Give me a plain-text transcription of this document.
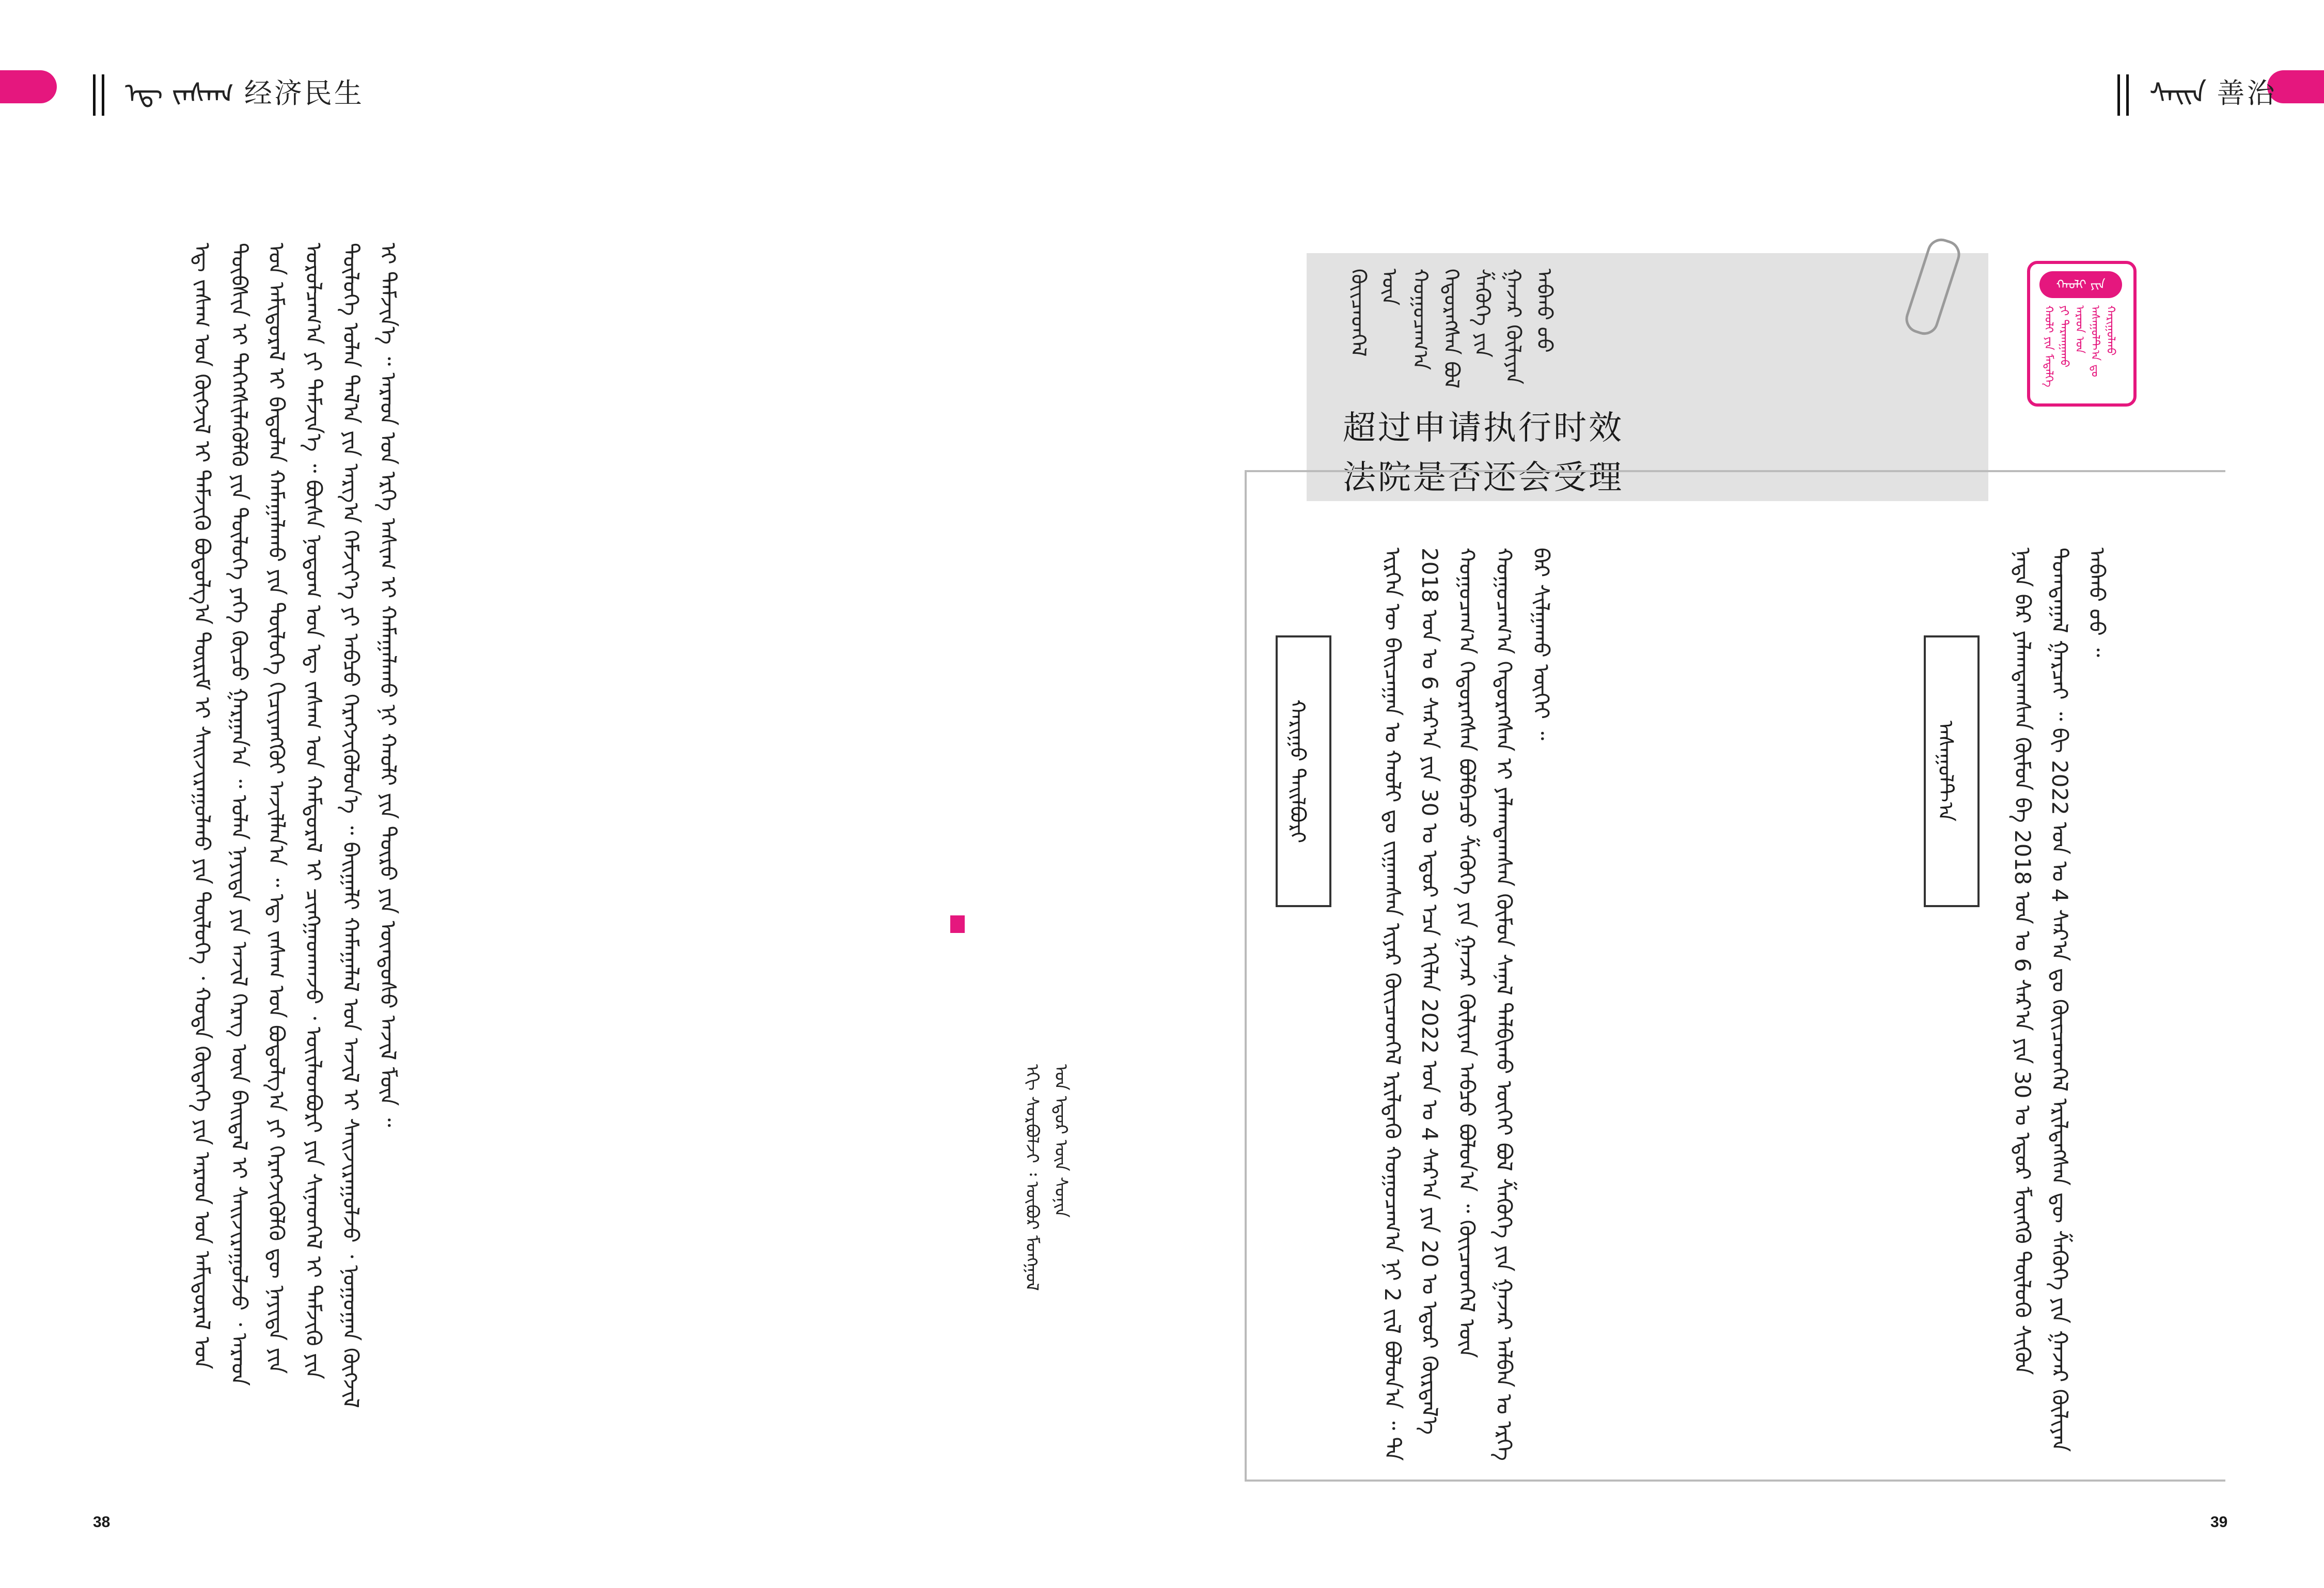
ᠡᠳ᠋ ᠵᠠᠰᠠᠭ 经济民生
ᠡᠳ᠋ ᠵᠠᠰᠠᠭ ᠤᠨ ᠬᠦᠭᠵᠢᠯ ᠢ ᠳᠡᠮᠵᠢᠬᠦ ᠪᠣᠳᠣᠯᠭ᠎ᠠ ᠳᠦᠷᠢᠮ ᠢ ᠰᠠᠢᠵᠢᠷᠠᠭᠤᠯᠬᠤ ᠶᠢᠨ ᠲᠦᠯᠦᠭᠡ ᠂ ᠬᠣᠲᠠ ᠬᠥᠳᠡᠭᠡ ᠶᠢᠨ ᠠᠷᠠᠳ ᠤᠨ ᠠᠮᠢᠳᠤᠷᠠᠯ ᠤᠨ ᠲᠦᠪᠰᠢᠨ ᠢ ᠳᠡᠭᠡᠭᠰᠢᠯᠡᠭᠦᠯᠬᠦ ᠶᠢᠨ ᠲᠥᠯᠦᠭᠡ ᠶᠡᠬᠡ ᠬᠦᠴᠦ ᠭᠠᠷᠭᠠᠨ᠎ᠠ ᠃ ᠣᠯᠠᠨ ᠨᠡᠶᠢᠲᠡ ᠶᠢᠨ ᠠᠵᠢᠯ ᠬᠡᠷᠡᠭ ᠦᠨ ᠪᠠᠢᠳᠠᠯ ᠢ ᠰᠠᠢᠵᠢᠷᠠᠭᠤᠯᠵᠤ ᠂ ᠠᠷᠠᠳ ᠤᠨ ᠠᠮᠢᠳᠤᠷᠠᠯ ᠢ ᠪᠠᠲᠤᠯᠠᠨ ᠬᠠᠮᠠᠭᠠᠯᠠᠬᠤ ᠶᠢᠨ ᠲᠥᠯᠦᠭᠡ ᠬᠢᠴᠢᠶᠡᠩᠭᠦᠢ ᠠᠵᠢᠯᠯᠠᠨ᠎ᠠ ᠃ ᠡᠳ᠋ ᠵᠠᠰᠠᠭ ᠤᠨ ᠪᠣᠳᠣᠯᠭ᠎ᠠ ᠶᠢ ᠬᠡᠷᠡᠭᠵᠢᠭᠦᠯᠬᠦ ᠳᠦ ᠨᠡᠶᠢᠲᠡ ᠶᠢᠨ ᠣᠷᠣᠯᠴᠠᠭ᠎ᠠ ᠶᠢ ᠳᠡᠮᠵᠢᠨ᠎ᠡ ᠃ ᠪᠦᠰᠡ ᠨᠤᠲᠤᠭ ᠤᠨ ᠡᠳ᠋ ᠵᠠᠰᠠᠭ ᠤᠨ ᠬᠠᠮᠲᠤᠷᠠᠯ ᠢ ᠴᠢᠩᠭᠠᠳᠬᠠᠵᠤ ᠂ ᠦᠢᠯᠡᠳᠪᠦᠷᠢ ᠶᠢᠨ ᠰᠢᠨᠡᠳᠭᠡᠯ ᠢ ᠳᠡᠮᠵᠢᠬᠦ ᠶᠢᠨ ᠲᠥᠯᠦᠭᠡ ᠣᠯᠠᠨ ᠲᠠᠯ᠎ᠠ ᠶᠢᠨ ᠠᠷᠭ᠎ᠠ ᠬᠡᠮᠵᠢᠶ᠎ᠡ ᠶᠢ ᠠᠪᠴᠤ ᠬᠡᠷᠡᠭᠵᠢᠭᠦᠯᠦᠨ᠎ᠡ ᠃ ᠪᠠᠢᠭᠠᠯᠢ ᠬᠠᠮᠠᠭᠠᠯᠠᠯ ᠤᠨ ᠠᠵᠢᠯ ᠢ ᠰᠠᠢᠵᠢᠷᠠᠭᠤᠯᠵᠤ ᠂ ᠨᠤᠭᠤᠭᠠᠨ ᠬᠥᠭᠵᠢᠯ ᠢ ᠳᠡᠮᠵᠢᠨ᠎ᠡ ᠃ ᠠᠷᠠᠳ ᠤᠨ ᠡᠷᠬᠡ ᠠᠰᠢᠭ ᠢ ᠬᠠᠮᠠᠭᠠᠯᠠᠬᠤ ᠨᠢ ᠬᠠᠤᠯᠢ ᠶᠢᠨ ᠲᠥᠷᠥ ᠶᠢᠨ ᠦᠨᠳᠦᠰᠦ ᠠᠵᠢᠯ ᠮᠥᠨ ᠃
ᠡᠬᠢ ᠰᠤᠷᠪᠤᠯᠵᠢ ᠄ ᠥᠪᠦᠷ ᠮᠣᠩᠭᠣᠯ ᠤᠨ ᠡᠳᠦᠷ ᠦᠨ ᠰᠣᠨᠢᠨ
38
ᠰᠠᠢᠨ 善治
ᠬᠠᠤᠯᠢ ᠶᠢᠨ ᠠᠰᠠᠭᠤᠯᠲ᠎ᠠ
ᠬᠠᠤᠯᠢ ᠶᠢᠨ ᠮᠡᠳᠡᠯᠭᠡ ᠶᠢ ᠲᠠᠷᠬᠠᠭᠠᠬᠤ ᠠᠷᠠᠳ ᠤᠨ ᠠᠰᠠᠭᠤᠯᠲ᠎ᠠ ᠳᠤ ᠬᠠᠷᠢᠭᠤᠯᠬᠤ
ᠭᠦᠢᠴᠡᠳᠬᠡᠯ ᠦᠨ ᠬᠤᠭᠤᠴᠠᠭ᠎ᠠ ᠬᠡᠲᠦᠷᠡᠭᠰᠡᠨ ᠪᠣᠯ ᠱᠡᠭᠦᠬᠡ ᠶᠢᠨ ᠭᠠᠵᠠᠷ ᠬᠦᠯᠢᠶᠡᠨ ᠠᠪᠬᠤ ᠤᠤ
超过申请执行时效
法院是否还会受理
ᠬᠠᠷᠢᠭᠤ ᠲᠠᠢᠯᠪᠤᠷᠢ	ᠠᠰᠠᠭᠤᠯᠲ᠎ᠠ
ᠢᠷᠭᠡᠨ ᠦ ᠪᠠᠢᠴᠠᠭᠠᠨ ᠤ ᠬᠠᠤᠯᠢ ᠳᠤ ᠵᠢᠭᠠᠭᠰᠠᠨ ᠢᠶᠡᠷ ᠭᠦᠢᠴᠡᠳᠬᠡᠯ ᠡᠷᠢᠯᠳᠡᠬᠦ ᠬᠤᠭᠤᠴᠠᠭ᠎ᠠ ᠨᠢ 2 ᠵᠢᠯ ᠪᠣᠯᠤᠨ᠎ᠠ ᠃ ᠲᠠ 2018 ᠣᠨ ᠤ 6 ᠰᠠᠷ᠎ᠠ ᠶᠢᠨ 30 ᠤ ᠡᠳᠦᠷ ᠡᠴᠡ ᠡᠬᠢᠯᠡᠨ 2022 ᠣᠨ ᠤ 4 ᠰᠠᠷ᠎ᠠ ᠶᠢᠨ 20 ᠤ ᠡᠳᠦᠷ ᠬᠦᠷᠲᠡᠯ᠎ᠡ ᠬᠤᠭᠤᠴᠠᠭ᠎ᠠ ᠬᠡᠲᠦᠷᠡᠭᠰᠡᠨ ᠪᠣᠯᠪᠠᠴᠤ ᠱᠡᠭᠦᠬᠡ ᠶᠢᠨ ᠭᠠᠵᠠᠷ ᠬᠦᠯᠢᠶᠡᠨ ᠠᠪᠴᠤ ᠪᠣᠯᠣᠨ᠎ᠠ ᠃ ᠭᠦᠢᠴᠡᠳᠬᠡᠯ ᠦᠨ ᠬᠤᠭᠤᠴᠠᠭ᠎ᠠ ᠬᠡᠲᠦᠷᠡᠭᠰᠡᠨ ᠢ ᠶᠠᠯᠠᠭᠳᠠᠭᠰᠠᠨ ᠬᠦᠮᠦᠨ ᠰᠠᠨᠠᠯ ᠲᠠᠯᠪᠢᠬᠤ ᠦᠭᠡᠢ ᠪᠣᠯ ᠱᠡᠭᠦᠬᠡ ᠶᠢᠨ ᠭᠠᠵᠠᠷ ᠠᠯᠪᠠᠨ ᠤ ᠡᠷᠬᠡ ᠪᠡᠷ ᠰᠢᠯᠭᠠᠬᠤ ᠦᠭᠡᠢ ᠃	ᠨᠠᠳᠠ ᠪᠡᠷ ᠶᠠᠯᠠᠭᠳᠠᠭᠰᠠᠨ ᠬᠦᠮᠦᠨ ᠪᠡ 2018 ᠣᠨ ᠤ 6 ᠰᠠᠷ᠎ᠠ ᠶᠢᠨ 30 ᠤ ᠡᠳᠦᠷ ᠮᠥᠩᠭᠦ ᠲᠥᠯᠥᠬᠦ ᠰᠢᠭᠦᠨ ᠲᠣᠭᠲᠠᠭᠠᠯ ᠭᠠᠷᠴᠠᠢ ᠃ ᠪᠢ 2022 ᠣᠨ ᠤ 4 ᠰᠠᠷ᠎ᠠ ᠳᠤ ᠭᠦᠢᠴᠡᠳᠬᠡᠯ ᠡᠷᠢᠯᠳᠡᠭᠰᠡᠨ ᠳᠦ ᠱᠡᠭᠦᠬᠡ ᠶᠢᠨ ᠭᠠᠵᠠᠷ ᠬᠦᠯᠢᠶᠡᠨ ᠠᠪᠬᠤ ᠤᠤ ᠃
39
